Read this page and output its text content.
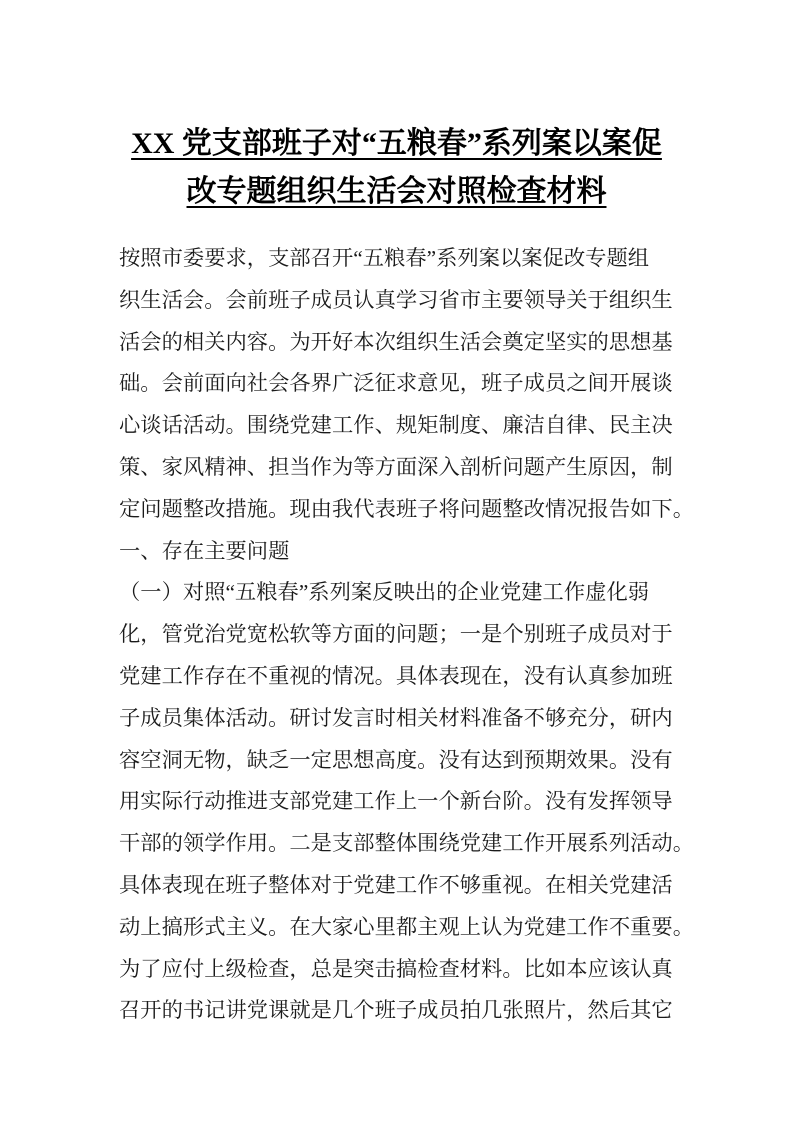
XX 党支部班子对“五粮春”系列案以案促
改专题组织生活会对照检查材料
按照市委要求，支部召开“五粮春”系列案以案促改专题组
织生活会。会前班子成员认真学习省市主要领导关于组织生
活会的相关内容。为开好本次组织生活会奠定坚实的思想基
础。会前面向社会各界广泛征求意见，班子成员之间开展谈
心谈话活动。围绕党建工作、规矩制度、廉洁自律、民主决
策、家风精神、担当作为等方面深入剖析问题产生原因，制
定问题整改措施。现由我代表班子将问题整改情况报告如下。
一、存在主要问题
（一）对照“五粮春”系列案反映出的企业党建工作虚化弱
化，管党治党宽松软等方面的问题；一是个别班子成员对于
党建工作存在不重视的情况。具体表现在，没有认真参加班
子成员集体活动。研讨发言时相关材料准备不够充分，研内
容空洞无物，缺乏一定思想高度。没有达到预期效果。没有
用实际行动推进支部党建工作上一个新台阶。没有发挥领导
干部的领学作用。二是支部整体围绕党建工作开展系列活动。
具体表现在班子整体对于党建工作不够重视。在相关党建活
动上搞形式主义。在大家心里都主观上认为党建工作不重要。
为了应付上级检查，总是突击搞检查材料。比如本应该认真
召开的书记讲党课就是几个班子成员拍几张照片，然后其它
